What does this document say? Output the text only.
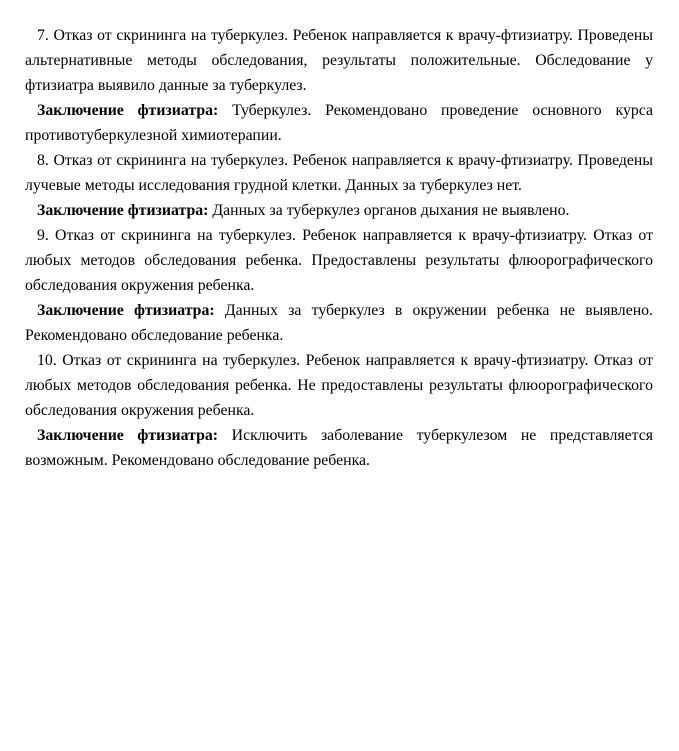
7. Отказ от скрининга на туберкулез. Ребенок направляется к врачу-фтизиатру. Проведены альтернативные методы обследования, результаты положительные. Обследование у фтизиатра выявило данные за туберкулез.

Заключение фтизиатра: Туберкулез. Рекомендовано проведение основного курса противотуберкулезной химиотерапии.

8. Отказ от скрининга на туберкулез. Ребенок направляется к врачу-фтизиатру. Проведены лучевые методы исследования грудной клетки. Данных за туберкулез нет.

Заключение фтизиатра: Данных за туберкулез органов дыхания не выявлено.

9. Отказ от скрининга на туберкулез. Ребенок направляется к врачу-фтизиатру. Отказ от любых методов обследования ребенка. Предоставлены результаты флюорографического обследования окружения ребенка.

Заключение фтизиатра: Данных за туберкулез в окружении ребенка не выявлено. Рекомендовано обследование ребенка.

10. Отказ от скрининга на туберкулез. Ребенок направляется к врачу-фтизиатру. Отказ от любых методов обследования ребенка. Не предоставлены результаты флюорографического обследования окружения ребенка.

Заключение фтизиатра: Исключить заболевание туберкулезом не представляется возможным. Рекомендовано обследование ребенка.
